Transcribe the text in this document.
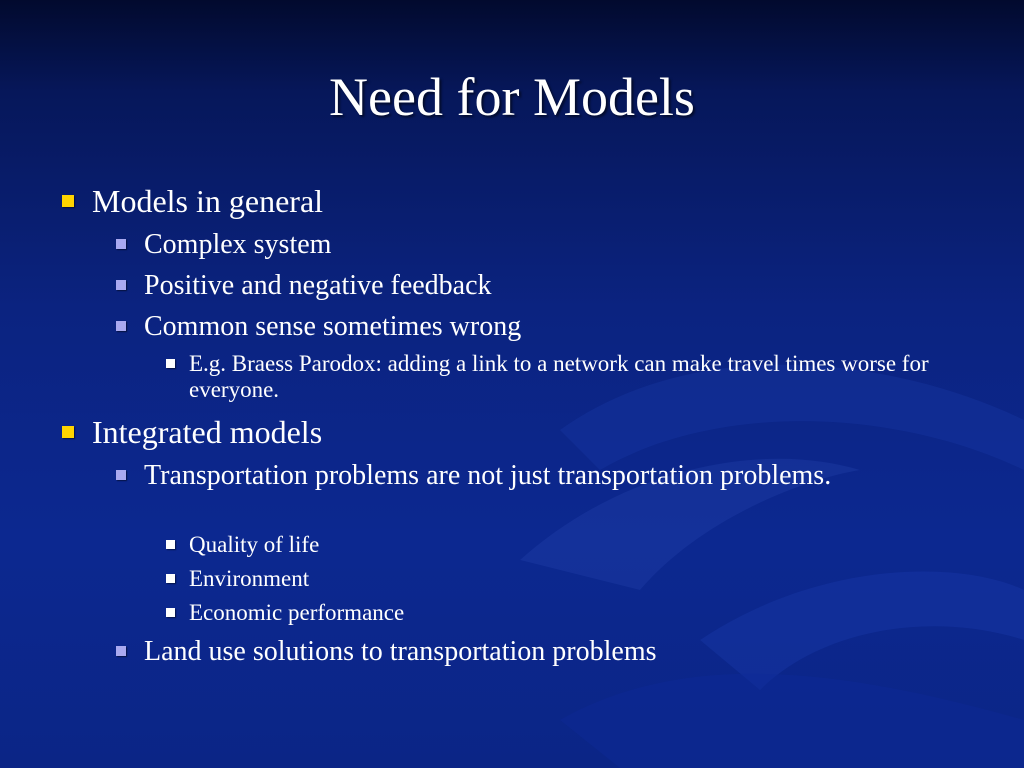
Need for Models
Models in general
Complex system
Positive and negative feedback
Common sense sometimes wrong
E.g. Braess Parodox: adding a link to a network can make travel times worse for everyone.
Integrated models
Transportation problems are not just transportation problems.
Quality of life
Environment
Economic performance
Land use solutions to transportation problems
